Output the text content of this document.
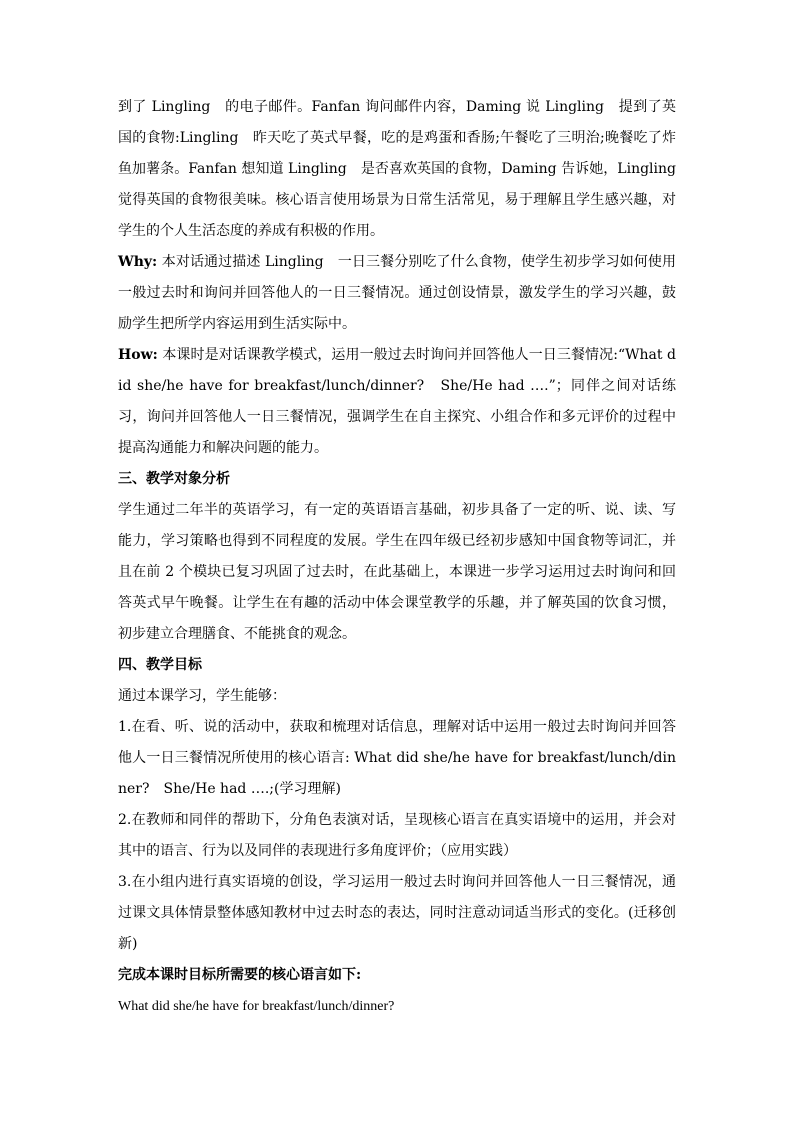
到了 Lingling　的电子邮件。Fanfan 询问邮件内容，Daming 说 Lingling　提到了英国的食物:Lingling　昨天吃了英式早餐，吃的是鸡蛋和香肠;午餐吃了三明治;晚餐吃了炸鱼加薯条。Fanfan 想知道 Lingling　是否喜欢英国的食物，Daming 告诉她，Lingling　觉得英国的食物很美味。核心语言使用场景为日常生活常见，易于理解且学生感兴趣，对学生的个人生活态度的养成有积极的作用。

Why: 本对话通过描述 Lingling　一日三餐分别吃了什么食物，使学生初步学习如何使用一般过去时和询问并回答他人的一日三餐情况。通过创设情景，激发学生的学习兴趣，鼓励学生把所学内容运用到生活实际中。

How: 本课时是对话课教学模式，运用一般过去时询问并回答他人一日三餐情况:“What did she/he have for breakfast/lunch/dinner?　She/He had ….”；同伴之间对话练习，询问并回答他人一日三餐情况，强调学生在自主探究、小组合作和多元评价的过程中提高沟通能力和解决问题的能力。

三、教学对象分析

学生通过二年半的英语学习，有一定的英语语言基础，初步具备了一定的听、说、读、写能力，学习策略也得到不同程度的发展。学生在四年级已经初步感知中国食物等词汇，并且在前 2 个模块已复习巩固了过去时，在此基础上，本课进一步学习运用过去时询问和回答英式早午晚餐。让学生在有趣的活动中体会课堂教学的乐趣，并了解英国的饮食习惯，初步建立合理膳食、不能挑食的观念。

四、教学目标

通过本课学习，学生能够：

1.在看、听、说的活动中，获取和梳理对话信息，理解对话中运用一般过去时询问并回答他人一日三餐情况所使用的核心语言: What did she/he have for breakfast/lunch/dinner?　She/He had ….;(学习理解)

2.在教师和同伴的帮助下，分角色表演对话，呈现核心语言在真实语境中的运用，并会对其中的语言、行为以及同伴的表现进行多角度评价；（应用实践）

3.在小组内进行真实语境的创设，学习运用一般过去时询问并回答他人一日三餐情况，通过课文具体情景整体感知教材中过去时态的表达，同时注意动词适当形式的变化。(迁移创新)

完成本课时目标所需要的核心语言如下:

What did she/he have for breakfast/lunch/dinner?
